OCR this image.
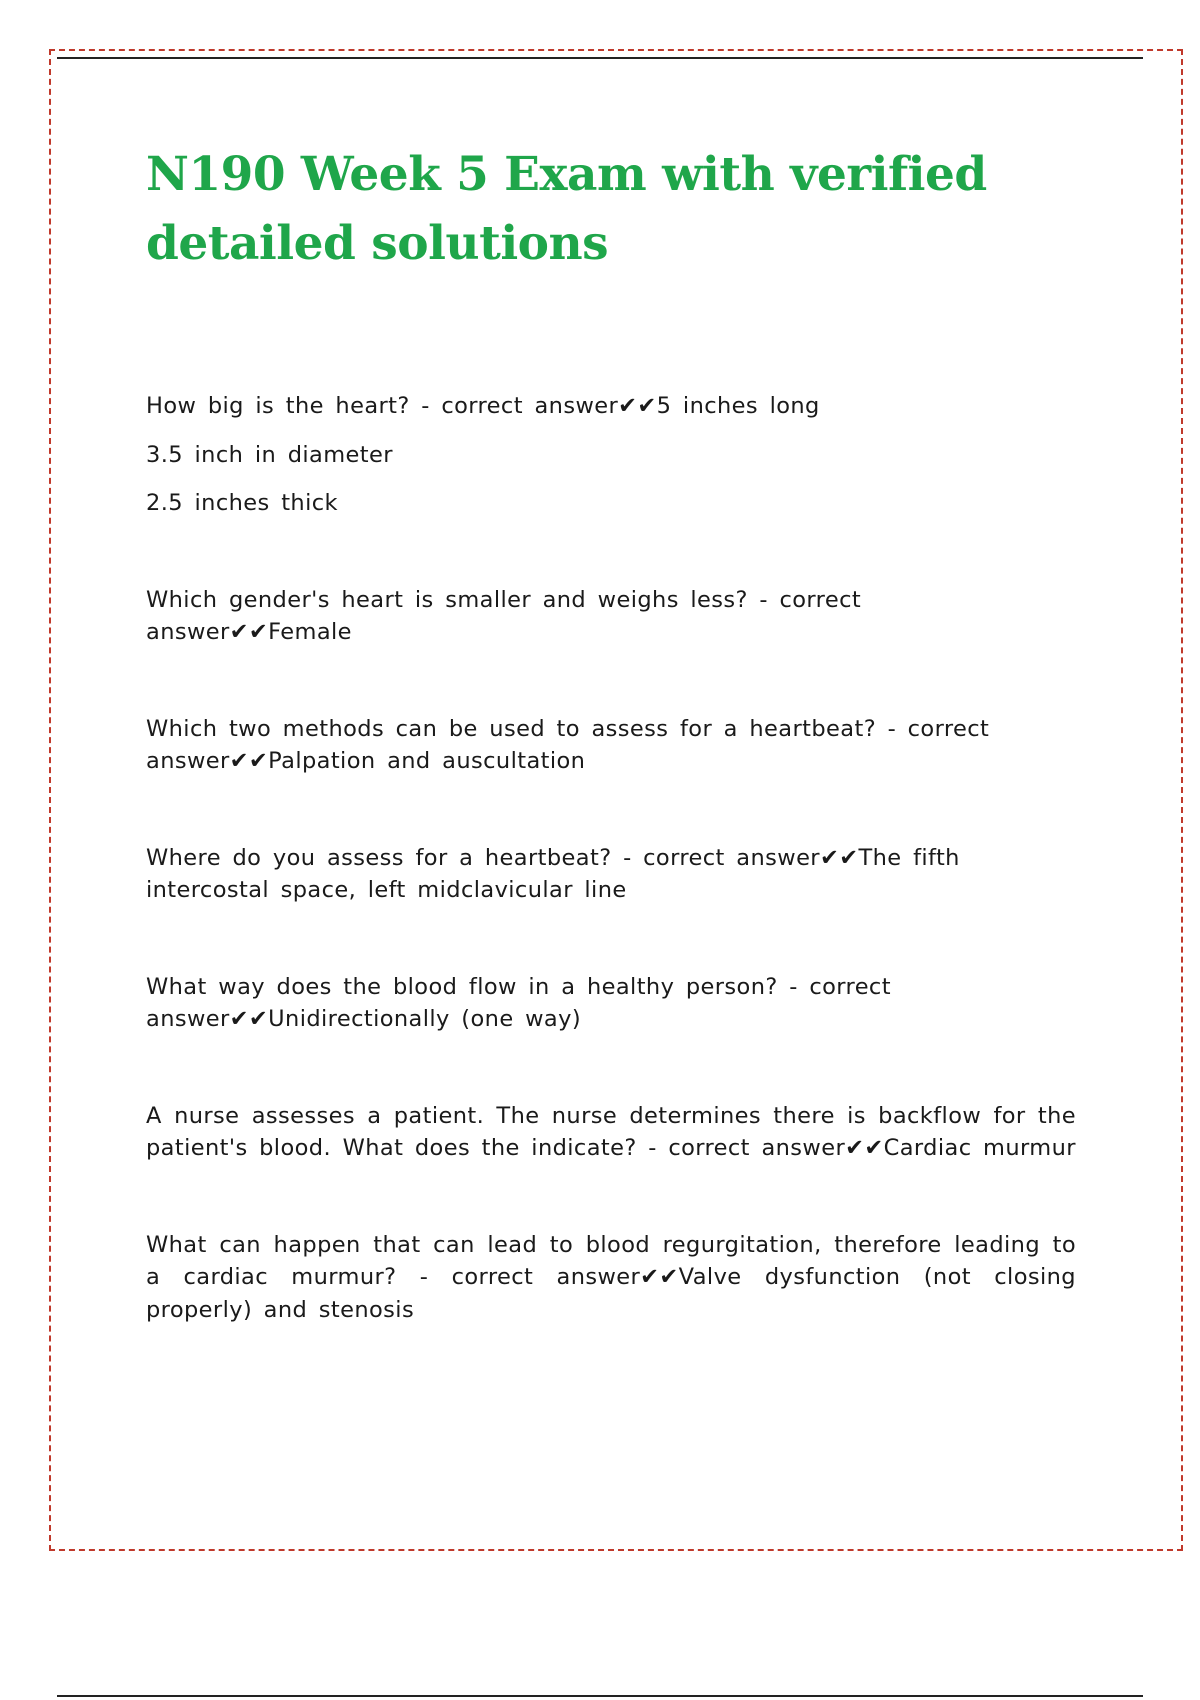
N190 Week 5 Exam with verified detailed solutions

How big is the heart? - correct answer✔✔5 inches long

3.5 inch in diameter

2.5 inches thick

Which gender's heart is smaller and weighs less? - correct answer✔✔Female

Which two methods can be used to assess for a heartbeat? - correct answer✔✔Palpation and auscultation

Where do you assess for a heartbeat? - correct answer✔✔The fifth intercostal space, left midclavicular line

What way does the blood flow in a healthy person? - correct answer✔✔Unidirectionally (one way)

A nurse assesses a patient. The nurse determines there is backflow for the patient's blood. What does the indicate? - correct answer✔✔Cardiac murmur

What can happen that can lead to blood regurgitation, therefore leading to a cardiac murmur? - correct answer✔✔Valve dysfunction (not closing properly) and stenosis
